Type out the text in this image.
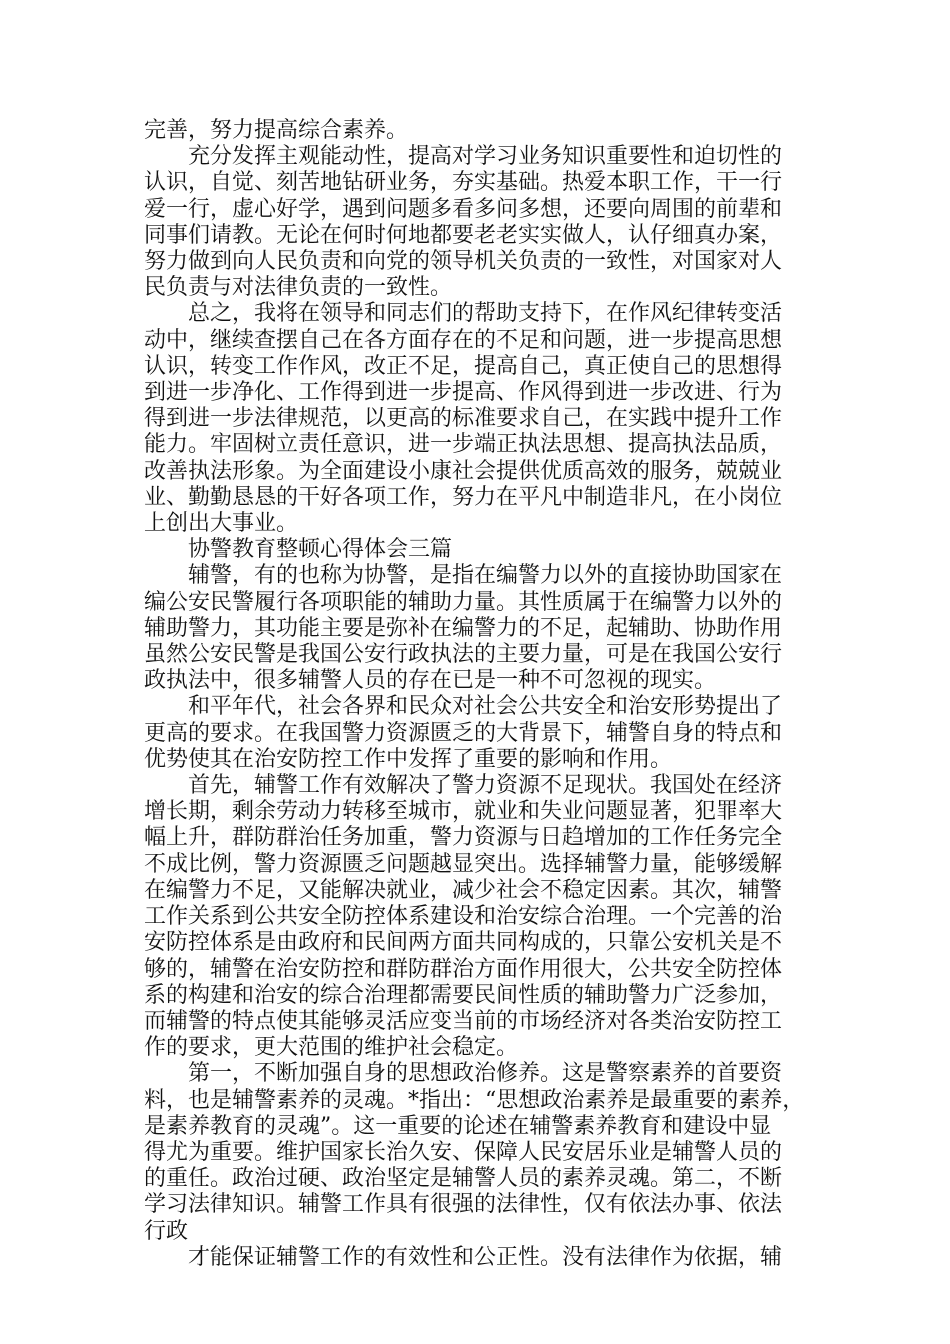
完善，努力提高综合素养。
充分发挥主观能动性，提高对学习业务知识重要性和迫切性的
认识，自觉、刻苦地钻研业务，夯实基础。热爱本职工作，干一行
爱一行，虚心好学，遇到问题多看多问多想，还要向周围的前辈和
同事们请教。无论在何时何地都要老老实实做人，认仔细真办案，
努力做到向人民负责和向党的领导机关负责的一致性，对国家对人
民负责与对法律负责的一致性。
总之，我将在领导和同志们的帮助支持下，在作风纪律转变活
动中，继续查摆自己在各方面存在的不足和问题，进一步提高思想
认识，转变工作作风，改正不足，提高自己，真正使自己的思想得
到进一步净化、工作得到进一步提高、作风得到进一步改进、行为
得到进一步法律规范，以更高的标准要求自己，在实践中提升工作
能力。牢固树立责任意识，进一步端正执法思想、提高执法品质，
改善执法形象。为全面建设小康社会提供优质高效的服务，兢兢业
业、勤勤恳恳的干好各项工作，努力在平凡中制造非凡，在小岗位
上创出大事业。
协警教育整顿心得体会三篇
辅警，有的也称为协警，是指在编警力以外的直接协助国家在
编公安民警履行各项职能的辅助力量。其性质属于在编警力以外的
辅助警力，其功能主要是弥补在编警力的不足，起辅助、协助作用
虽然公安民警是我国公安行政执法的主要力量，可是在我国公安行
政执法中，很多辅警人员的存在已是一种不可忽视的现实。
和平年代，社会各界和民众对社会公共安全和治安形势提出了
更高的要求。在我国警力资源匮乏的大背景下，辅警自身的特点和
优势使其在治安防控工作中发挥了重要的影响和作用。
首先，辅警工作有效解决了警力资源不足现状。我国处在经济
增长期，剩余劳动力转移至城市，就业和失业问题显著，犯罪率大
幅上升，群防群治任务加重，警力资源与日趋增加的工作任务完全
不成比例，警力资源匮乏问题越显突出。选择辅警力量，能够缓解
在编警力不足，又能解决就业，减少社会不稳定因素。其次，辅警
工作关系到公共安全防控体系建设和治安综合治理。一个完善的治
安防控体系是由政府和民间两方面共同构成的，只靠公安机关是不
够的，辅警在治安防控和群防群治方面作用很大，公共安全防控体
系的构建和治安的综合治理都需要民间性质的辅助警力广泛参加，
而辅警的特点使其能够灵活应变当前的市场经济对各类治安防控工
作的要求，更大范围的维护社会稳定。
第一，不断加强自身的思想政治修养。这是警察素养的首要资
料，也是辅警素养的灵魂。*指出：“思想政治素养是最重要的素养，
是素养教育的灵魂”。这一重要的论述在辅警素养教育和建设中显
得尤为重要。维护国家长治久安、保障人民安居乐业是辅警人员的
的重任。政治过硬、政治坚定是辅警人员的素养灵魂。第二，不断
学习法律知识。辅警工作具有很强的法律性，仅有依法办事、依法
行政
才能保证辅警工作的有效性和公正性。没有法律作为依据，辅
